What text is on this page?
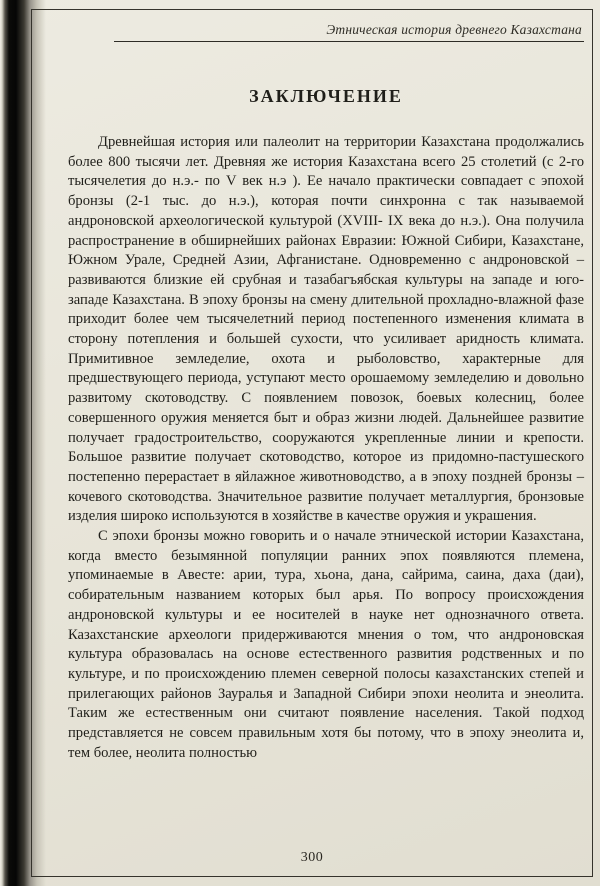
Этническая история древнего Казахстана
ЗАКЛЮЧЕНИЕ

Древнейшая история или палеолит на территории Казахстана продолжались более 800 тысячи лет. Древняя же история Казахстана всего 25 столетий (с 2-го тысячелетия до н.э.- по V век н.э ). Ее начало практически совпадает с эпохой бронзы (2-1 тыс. до н.э.), которая почти синхронна с так называемой андроновской археологической культурой (XVIII- IX века до н.э.). Она получила распространение в обширнейших районах Евразии: Южной Сибири, Казахстане, Южном Урале, Средней Азии, Афганистане. Одновременно с андроновской – развиваются близкие ей срубная и тазабагъябская культуры на западе и юго-западе Казахстана. В эпоху бронзы на смену длительной прохладно-влажной фазе приходит более чем тысячелетний период постепенного изменения климата в сторону потепления и большей сухости, что усиливает аридность климата. Примитивное земледелие, охота и рыболовство, характерные для предшествующего периода, уступают место орошаемому земледелию и довольно развитому скотоводству. С появлением повозок, боевых колесниц, более совершенного оружия меняется быт и образ жизни людей. Дальнейшее развитие получает градостроительство, сооружаются укрепленные линии и крепости. Большое развитие получает скотоводство, которое из придомно-пастушеского постепенно перерастает в яйлажное животноводство, а в эпоху поздней бронзы – кочевого скотоводства. Значительное развитие получает металлургия, бронзовые изделия широко используются в хозяйстве в качестве оружия и украшения.

С эпохи бронзы можно говорить и о начале этнической истории Казахстана, когда вместо безымянной популяции ранних эпох появляются племена, упоминаемые в Авесте: арии, тура, хьона, дана, сайрима, саина, даха (даи), собирательным названием которых был арья. По вопросу происхождения андроновской культуры и ее носителей в науке нет однозначного ответа. Казахстанские археологи придерживаются мнения о том, что андроновская культура образовалась на основе естественного развития родственных и по культуре, и по происхождению племен северной полосы казахстанских степей и прилегающих районов Зауралья и Западной Сибири эпохи неолита и энеолита. Таким же естественным они считают появление населения. Такой подход представляется не совсем правильным хотя бы потому, что в эпоху энеолита и, тем более, неолита полностью

300
